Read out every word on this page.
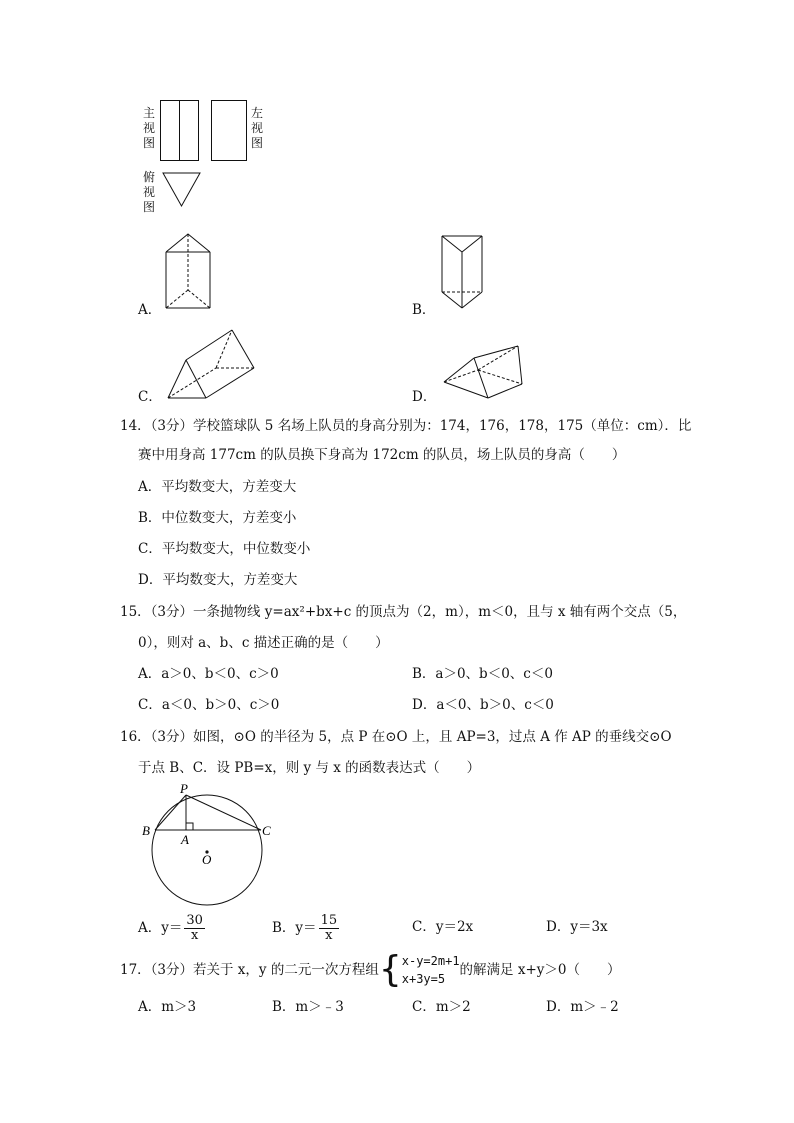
主视图
左视图
俯视图
A．	B．
C．	D．
14．（3分）学校篮球队 5 名场上队员的身高分别为：174，176，178，175（单位：cm）．比
赛中用身高 177cm 的队员换下身高为 172cm 的队员，场上队员的身高（　　）
A．平均数变大，方差变大
B．中位数变大，方差变小
C．平均数变大，中位数变小
D．平均数变大，方差变大
15．（3分）一条抛物线 y=ax²+bx+c 的顶点为（2，m），m＜0，且与 x 轴有两个交点（5，
0），则对 a、b、c 描述正确的是（　　）
A．a＞0、b＜0、c＞0	B．a＞0、b＜0、c＜0
C．a＜0、b＞0、c＞0	D．a＜0、b＞0、c＜0
16．（3分）如图，⊙O 的半径为 5，点 P 在⊙O 上，且 AP=3，过点 A 作 AP 的垂线交⊙O
于点 B、C．设 PB=x，则 y 与 x 的函数表达式（　　）
P
B
A
O
C
A．$y= \frac{30}{x}$	B．$y= \frac{15}{x}$	C．y＝2x	D．y＝3x
17．（3分）若关于 x，y 的二元一次方程组 { x-y=2m+1
x+3y=5
的解满足 x+y＞0（　　）
A．m＞3	B．m＞﹣3	C．m＞2	D．m＞﹣2
